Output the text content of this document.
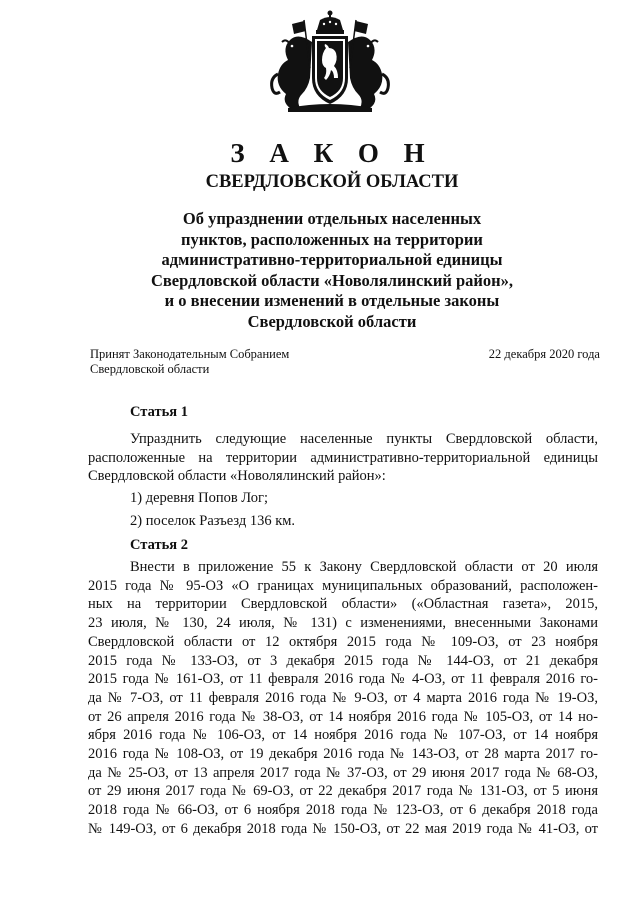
З А К О Н
СВЕРДЛОВСКОЙ ОБЛАСТИ
Об упразднении отдельных населенных
пунктов, расположенных на территории
административно-территориальной единицы
Свердловской области «Новолялинский район»,
и о внесении изменений в отдельные законы
Свердловской области
Принят Законодательным Собранием
Свердловской области
22 декабря 2020 года
Статья 1
Упразднить следующие населенные пункты Свердловской области,
расположенные на территории административно-территориальной единицы
Свердловской области «Новолялинский район»:
1) деревня Попов Лог;
2) поселок Разъезд 136 км.
Статья 2
Внести в приложение 55 к Закону Свердловской области от 20 июля
2015 года № 95-ОЗ «О границах муниципальных образований, расположен-
ных на территории Свердловской области» («Областная газета», 2015,
23 июля, № 130, 24 июля, № 131) с изменениями, внесенными Законами
Свердловской области от 12 октября 2015 года № 109-ОЗ, от 23 ноября
2015 года № 133-ОЗ, от 3 декабря 2015 года № 144-ОЗ, от 21 декабря
2015 года № 161-ОЗ, от 11 февраля 2016 года № 4-ОЗ, от 11 февраля 2016 го-
да № 7-ОЗ, от 11 февраля 2016 года № 9-ОЗ, от 4 марта 2016 года № 19-ОЗ,
от 26 апреля 2016 года № 38-ОЗ, от 14 ноября 2016 года № 105-ОЗ, от 14 но-
ября 2016 года № 106-ОЗ, от 14 ноября 2016 года № 107-ОЗ, от 14 ноября
2016 года № 108-ОЗ, от 19 декабря 2016 года № 143-ОЗ, от 28 марта 2017 го-
да № 25-ОЗ, от 13 апреля 2017 года № 37-ОЗ, от 29 июня 2017 года № 68-ОЗ,
от 29 июня 2017 года № 69-ОЗ, от 22 декабря 2017 года № 131-ОЗ, от 5 июня
2018 года № 66-ОЗ, от 6 ноября 2018 года № 123-ОЗ, от 6 декабря 2018 года
№ 149-ОЗ, от 6 декабря 2018 года № 150-ОЗ, от 22 мая 2019 года № 41-ОЗ, от
